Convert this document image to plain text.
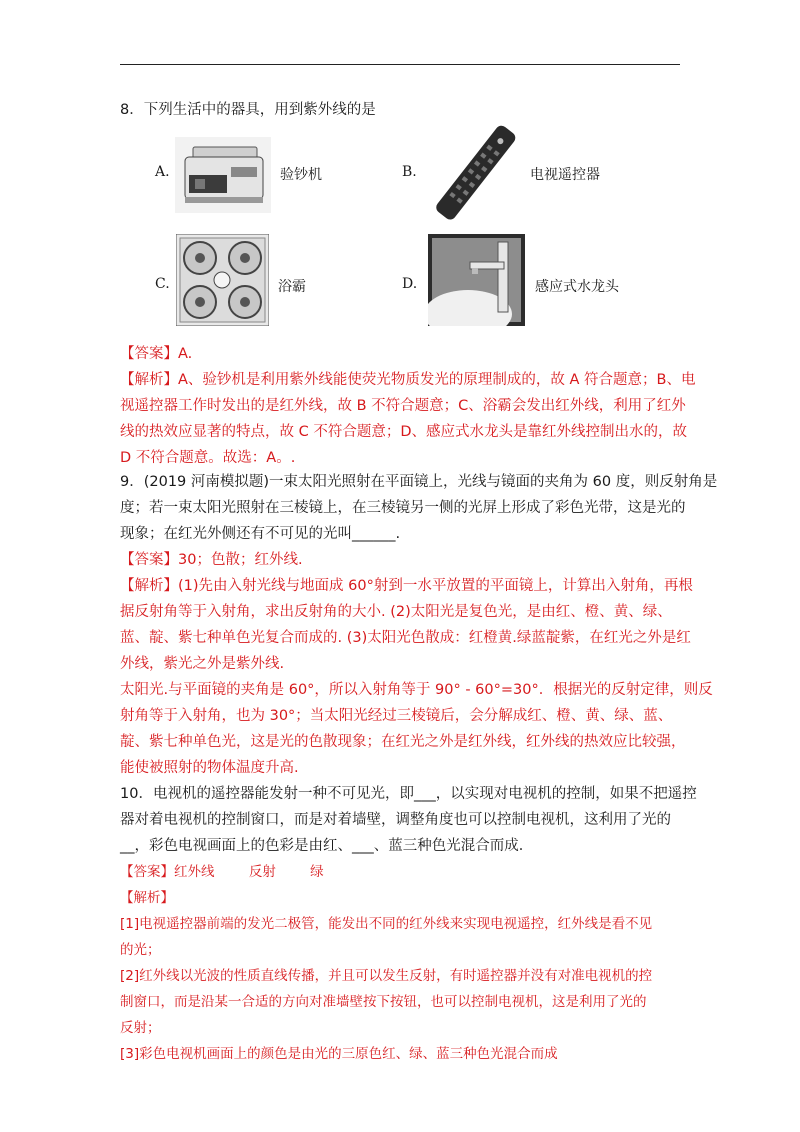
8．下列生活中的器具，用到紫外线的是
A.	验钞机	B.	电视遥控器
C.	浴霸	D.	感应式水龙头
【答案】A.
【解析】A、验钞机是利用紫外线能使荧光物质发光的原理制成的，故 A 符合题意；B、电
视遥控器工作时发出的是红外线，故 B 不符合题意；C、浴霸会发出红外线，利用了红外
线的热效应显著的特点，故 C 不符合题意；D、感应式水龙头是靠红外线控制出水的，故
D 不符合题意。故选：A。.
9．(2019 河南模拟题)一束太阳光照射在平面镜上，光线与镜面的夹角为 60 度，则反射角是
度；若一束太阳光照射在三棱镜上，在三棱镜另一侧的光屏上形成了彩色光带，这是光的
现象；在红光外侧还有不可见的光叫______.
【答案】30；色散；红外线.
【解析】(1)先由入射光线与地面成 60°射到一水平放置的平面镜上，计算出入射角，再根
据反射角等于入射角，求出反射角的大小. (2)太阳光是复色光，是由红、橙、黄、绿、
蓝、靛、紫七种单色光复合而成的. (3)太阳光色散成：红橙黄.绿蓝靛紫，在红光之外是红
外线，紫光之外是紫外线.
太阳光.与平面镜的夹角是 60°，所以入射角等于 90° - 60°=30°．根据光的反射定律，则反
射角等于入射角，也为 30°；当太阳光经过三棱镜后，会分解成红、橙、黄、绿、蓝、
靛、紫七种单色光，这是光的色散现象；在红光之外是红外线，红外线的热效应比较强，
能使被照射的物体温度升高.
10．电视机的遥控器能发射一种不可见光，即___，以实现对电视机的控制，如果不把遥控
器对着电视机的控制窗口，而是对着墙壁，调整角度也可以控制电视机，这利用了光的
__，彩色电视画面上的色彩是由红、___、蓝三种色光混合而成．
【答案】红外线        反射        绿
【解析】
[1]电视遥控器前端的发光二极管，能发出不同的红外线来实现电视遥控，红外线是看不见
的光；
[2]红外线以光波的性质直线传播，并且可以发生反射，有时遥控器并没有对准电视机的控
制窗口，而是沿某一合适的方向对准墙壁按下按钮，也可以控制电视机，这是利用了光的
反射；
[3]彩色电视机画面上的颜色是由光的三原色红、绿、蓝三种色光混合而成
